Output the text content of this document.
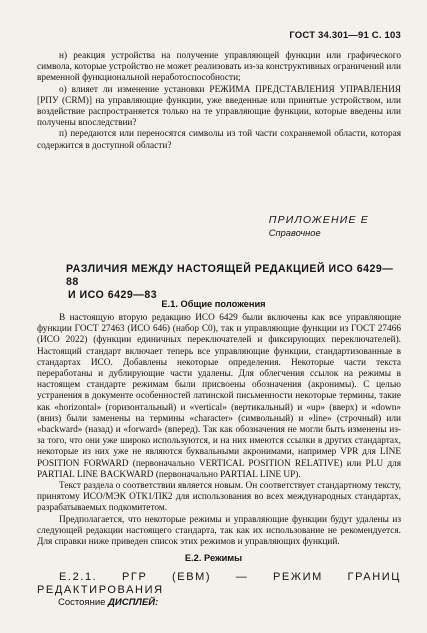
ГОСТ 34.301—91 С. 103

н) реакция устройства на получение управляющей функции или графического символа, которые устройство не может реализовать из-за конструктивных ограничений или временной функциональной неработоспособности;

о) влияет ли изменение установки РЕЖИМА ПРЕДСТАВЛЕНИЯ УПРАВЛЕНИЯ [РПУ (CRM)] на управляющие функции, уже введенные или принятые устройством, или воздействие распространяется только на те управляющие функции, которые введены или получены впоследствии?

п) передаются или переносятся символы из той части сохраняемой области, которая содержится в доступной области?

ПРИЛОЖЕНИЕ Е
Справочное
РАЗЛИЧИЯ МЕЖДУ НАСТОЯЩЕЙ РЕДАКЦИЕЙ ИСО 6429—88
И ИСО 6429—83
Е.1. Общие положения

В настоящую вторую редакцию ИСО 6429 были включены как все управляющие функции ГОСТ 27463 (ИСО 646) (набор С0), так и управляющие функции из ГОСТ 27466 (ИСО 2022) (функции единичных переключателей и фиксирующих переключателей). Настоящий стандарт включает теперь все управляющие функции, стандартизованные в стандартах ИСО. Добавлены некоторые определения. Некоторые части текста переработаны и дублирующие части удалены. Для облегчения ссылок на режимы в настоящем стандарте режимам были присвоены обозначения (акронимы). С целью устранения в документе особенностей латинской письменности некоторые термины, такие как «horizontal» (горизонтальный) и «vertical» (вертикальный) и «up» (вверх) и «down» (вниз) были заменены на термины «character» (символьный) и «line» (строчный) или «backward» (назад) и «forward» (вперед). Так как обозначения не могли быть изменены из-за того, что они уже широко используются, и на них имеются ссылки в других стандартах, некоторые из них уже не являются буквальными акронимами, например VPR для LINE POSITION FORWARD (первоначально VERTICAL POSITION RELATIVE) или PLU для PARTIAL LINE BACKWARD (первоначально PARTIAL LINE UP).

Текст раздела о соответствии является новым. Он соответствует стандартному тексту, принятому ИСО/МЭК ОТК1/ПК2 для использования во всех международных стандартах, разрабатываемых подкомитетом.

Предполагается, что некоторые режимы и управляющие функции будут удалены из следующей редакции настоящего стандарта, так как их использование не рекомендуется. Для справки ниже приведен список этих режимов и управляющих функций.

Е.2. Режимы

Е.2.1. РГР (ЕВМ) — РЕЖИМ ГРАНИЦ РЕДАКТИРОВАНИЯ

Состояние ДИСПЛЕЙ:
